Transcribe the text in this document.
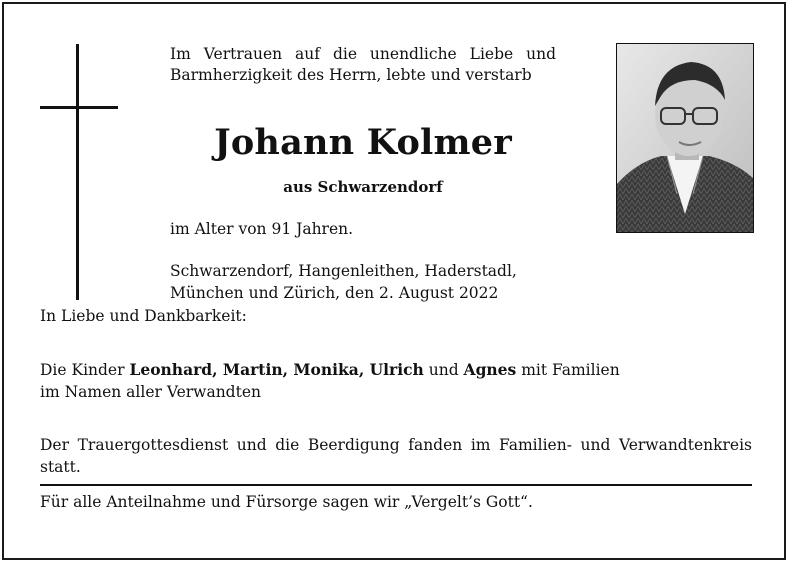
Im Vertrauen auf die unendliche Liebe und Barmherzigkeit des Herrn, lebte und verstarb
Johann Kolmer
aus Schwarzendorf
im Alter von 91 Jahren.
Schwarzendorf, Hangenleithen, Haderstadl,
München und Zürich, den 2. August 2022
In Liebe und Dankbarkeit:
Die Kinder Leonhard, Martin, Monika, Ulrich und Agnes mit Familien
im Namen aller Verwandten
Der Trauergottesdienst und die Beerdigung fanden im Familien- und Verwandtenkreis statt.
Für alle Anteilnahme und Fürsorge sagen wir „Vergelt’s Gott“.
